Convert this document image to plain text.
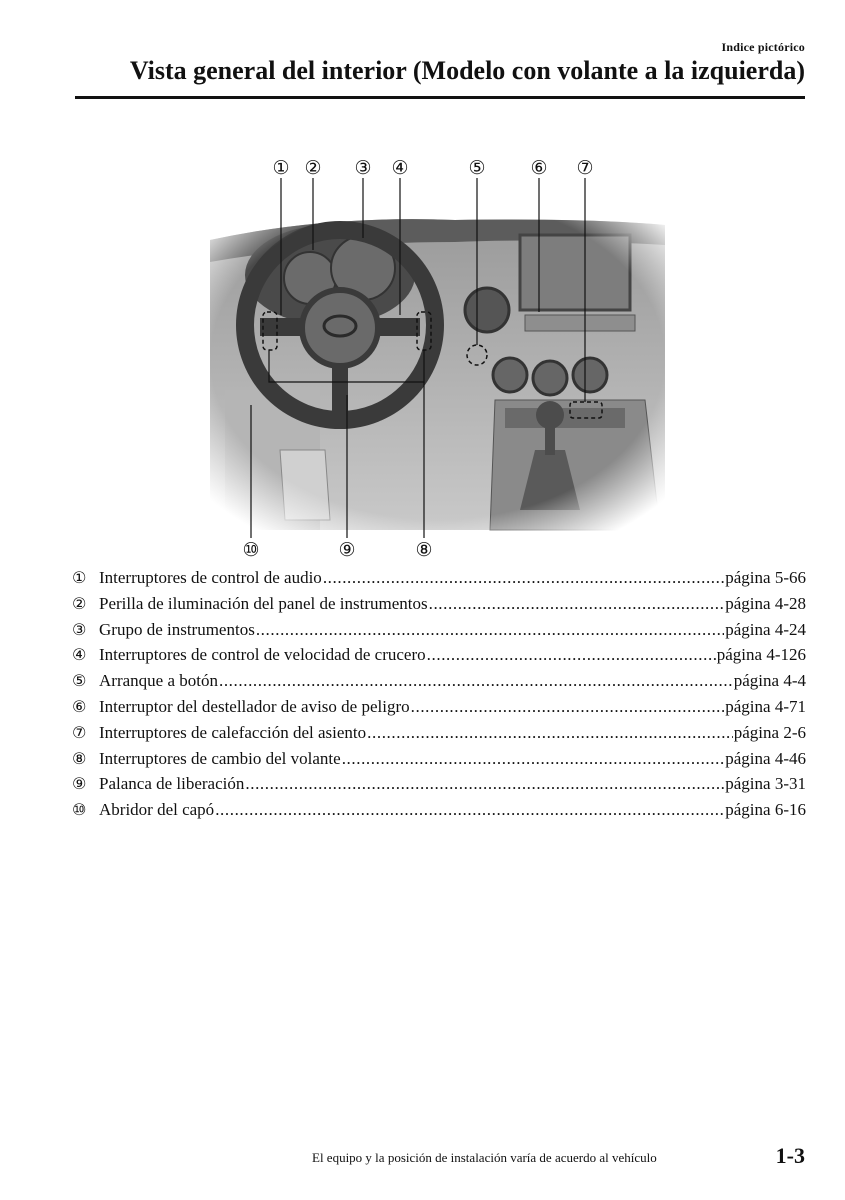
Indice pictórico
Vista general del interior (Modelo con volante a la izquierda)
① ② ③ ④	⑤ ⑥ ⑦
⑩	⑨	⑧
① Interruptores de control de audio .....	página 5-66
② Perilla de iluminación del panel de instrumentos .....	página 4-28
③ Grupo de instrumentos .....	página 4-24
④ Interruptores de control de velocidad de crucero .....	página 4-126
⑤ Arranque a botón .....	página 4-4
⑥ Interruptor del destellador de aviso de peligro .....	página 4-71
⑦ Interruptores de calefacción del asiento .....	página 2-6
⑧ Interruptores de cambio del volante .....	página 4-46
⑨ Palanca de liberación .....	página 3-31
⑩ Abridor del capó .....	página 6-16
El equipo y la posición de instalación varía de acuerdo al vehículo	1-3
